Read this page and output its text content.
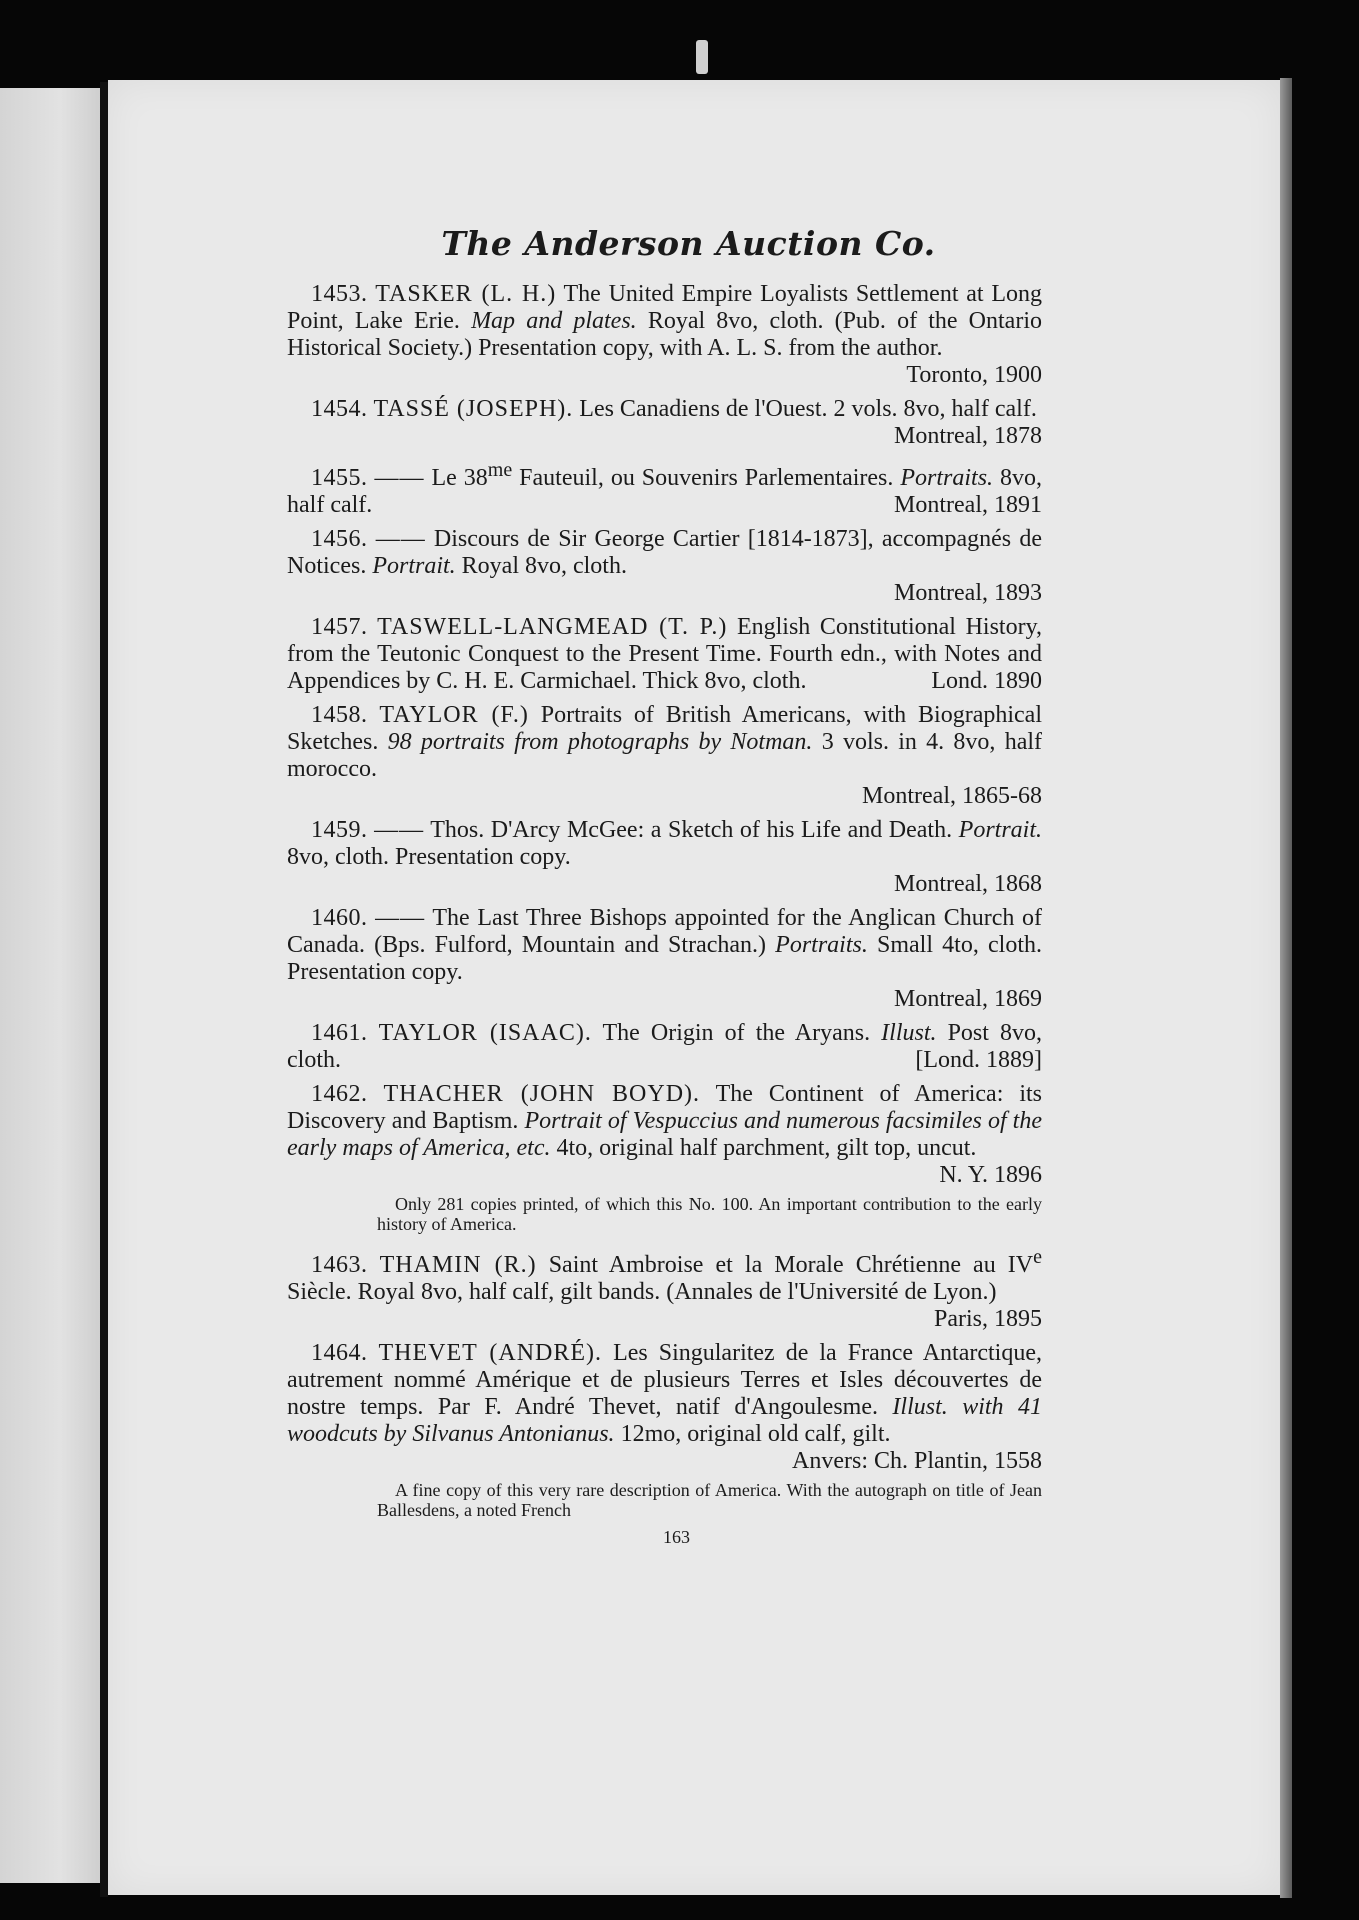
The Anderson Auction Co.
1453. TASKER (L. H.) The United Empire Loyalists Settlement at Long Point, Lake Erie. Map and plates. Royal 8vo, cloth. (Pub. of the Ontario Historical Society.) Presentation copy, with A. L. S. from the author.
Toronto, 1900
1454. TASSÉ (JOSEPH). Les Canadiens de l'Ouest. 2 vols. 8vo, half calf.
Montreal, 1878
1455. —— Le $38^{me}$ Fauteuil, ou Souvenirs Parlementaires. Portraits. 8vo, half calf.	Montreal, 1891
1456. —— Discours de Sir George Cartier [1814-1873], accompagnés de Notices. Portrait. Royal 8vo, cloth.
Montreal, 1893
1457. TASWELL-LANGMEAD (T. P.) English Constitutional History, from the Teutonic Conquest to the Present Time. Fourth edn., with Notes and Appendices by C. H. E. Carmichael. Thick 8vo, cloth.	Lond. 1890
1458. TAYLOR (F.) Portraits of British Americans, with Biographical Sketches. 98 portraits from photographs by Notman. 3 vols. in 4. 8vo, half morocco.
Montreal, 1865-68
1459. —— Thos. D'Arcy McGee: a Sketch of his Life and Death. Portrait. 8vo, cloth. Presentation copy.
Montreal, 1868
1460. —— The Last Three Bishops appointed for the Anglican Church of Canada. (Bps. Fulford, Mountain and Strachan.) Portraits. Small 4to, cloth. Presentation copy.
Montreal, 1869
1461. TAYLOR (ISAAC). The Origin of the Aryans. Illust. Post 8vo, cloth.	[Lond. 1889]
1462. THACHER (JOHN BOYD). The Continent of America: its Discovery and Baptism. Portrait of Vespuccius and numerous facsimiles of the early maps of America, etc. 4to, original half parchment, gilt top, uncut.
N. Y. 1896
Only 281 copies printed, of which this No. 100. An important contribution to the early history of America.
1463. THAMIN (R.) Saint Ambroise et la Morale Chrétienne au IVe Siècle. Royal 8vo, half calf, gilt bands. (Annales de l'Université de Lyon.)
Paris, 1895
1464. THEVET (ANDRÉ). Les Singularitez de la France Antarctique, autrement nommé Amérique et de plusieurs Terres et Isles découvertes de nostre temps. Par F. André Thevet, natif d'Angoulesme. Illust. with 41 woodcuts by Silvanus Antonianus. 12mo, original old calf, gilt.
Anvers: Ch. Plantin, 1558
A fine copy of this very rare description of America. With the autograph on title of Jean Ballesdens, a noted French
163
